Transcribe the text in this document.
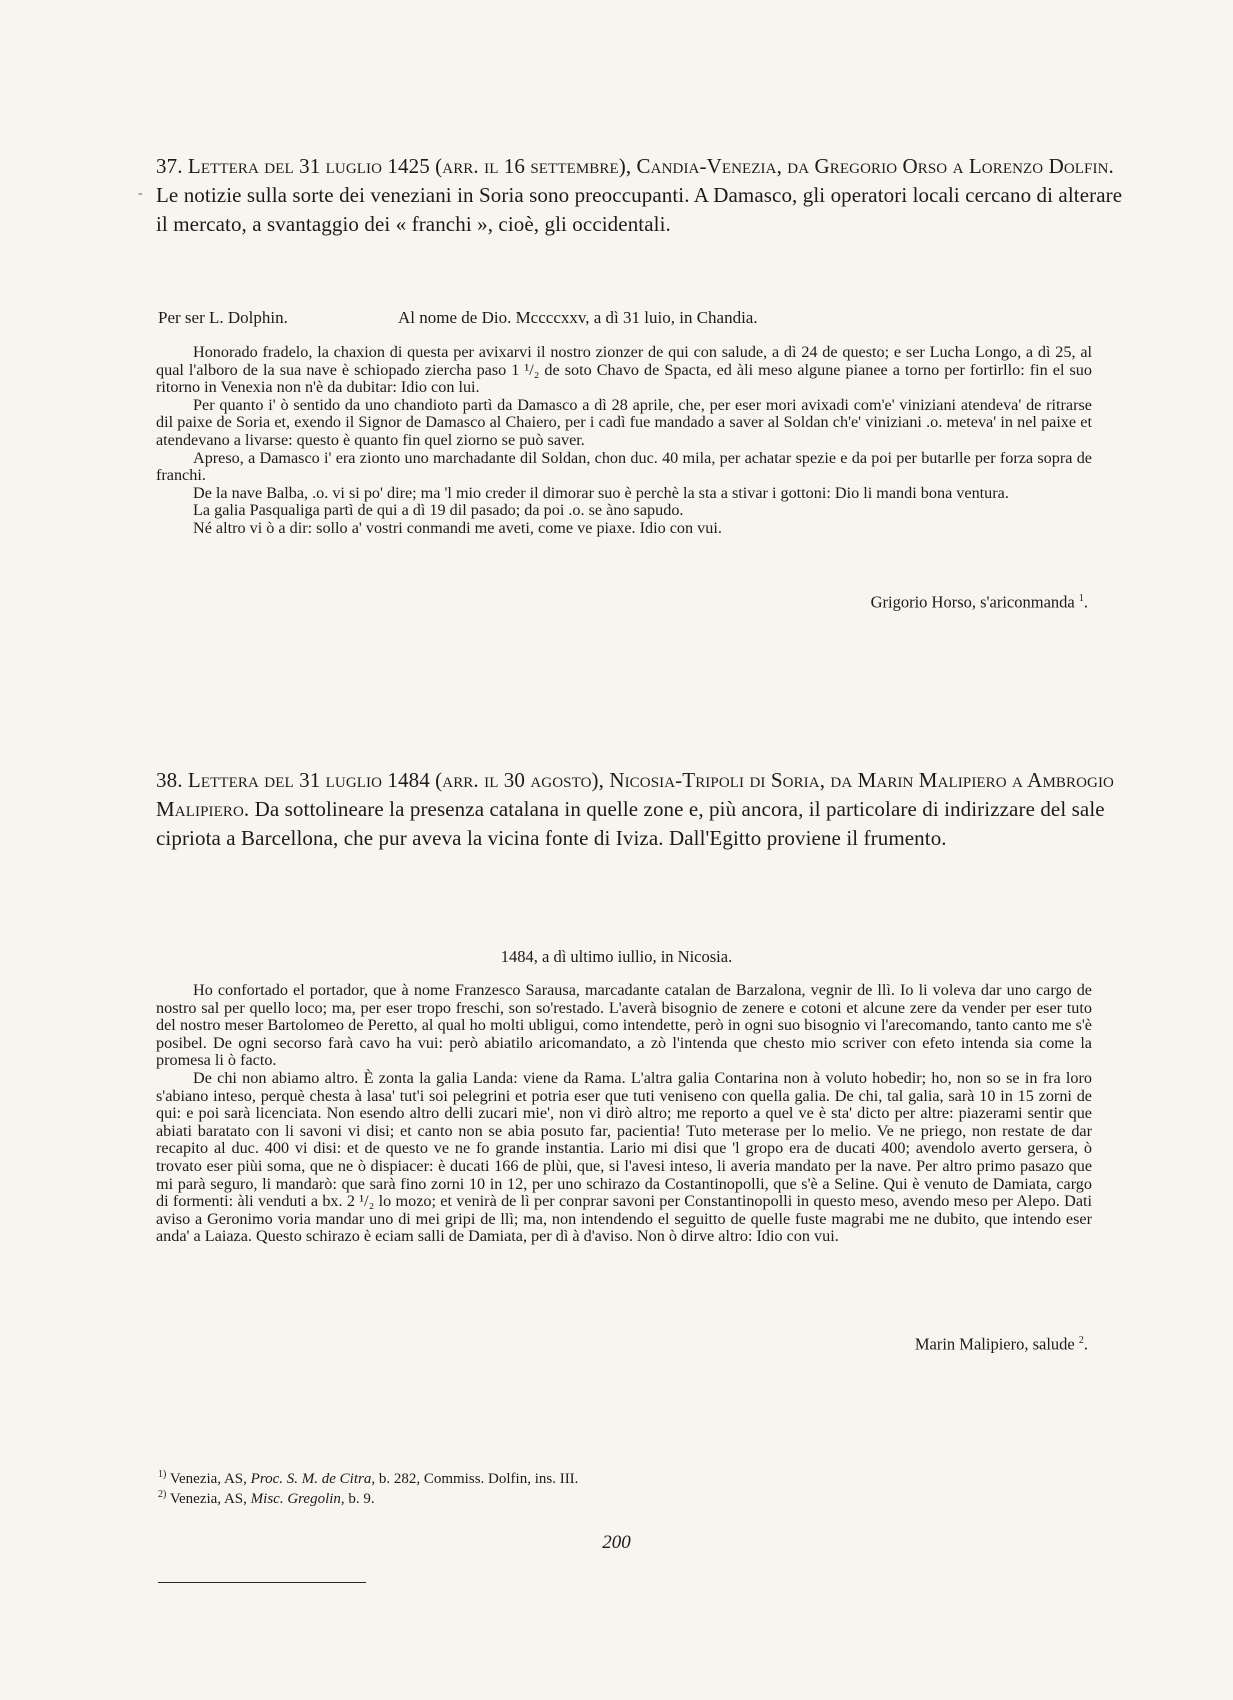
-
37. Lettera del 31 luglio 1425 (arr. il 16 settembre), Candia-Venezia, da Gregorio Orso a Lorenzo Dolfin. Le notizie sulla sorte dei veneziani in Soria sono preoccupanti. A Damasco, gli operatori locali cercano di alterare il mercato, a svantaggio dei « franchi », cioè, gli occidentali.
Per ser L. Dolphin.	Al nome de Dio. Mccccxxv, a dì 31 luio, in Chandia.

Honorado fradelo, la chaxion di questa per avixarvi il nostro zionzer de qui con salude, a dì 24 de questo; e ser Lucha Longo, a dì 25, al qual l'alboro de la sua nave è schiopado ziercha paso 1 ¹/₂ de soto Chavo de Spacta, ed àli meso algune pianee a torno per fortirllo: fin el suo ritorno in Venexia non n'è da dubitar: Idio con lui.

Per quanto i' ò sentido da uno chandioto partì da Damasco a dì 28 aprile, che, per eser mori avixadi com'e' viniziani atendeva' de ritrarse dil paixe de Soria et, exendo il Signor de Damasco al Chaiero, per i cadì fue mandado a saver al Soldan ch'e' viniziani .o. meteva' in nel paixe et atendevano a livarse: questo è quanto fin quel ziorno se può saver.

Apreso, a Damasco i' era zionto uno marchadante dil Soldan, chon duc. 40 mila, per achatar spezie e da poi per butarlle per forza sopra de franchi.

De la nave Balba, .o. vi si po' dire; ma 'l mio creder il dimorar suo è perchè la sta a stivar i gottoni: Dio li mandi bona ventura.

La galia Pasqualiga partì de qui a dì 19 dil pasado; da poi .o. se àno sapudo.

Né altro vi ò a dir: sollo a' vostri conmandi me aveti, come ve piaxe. Idio con vui.

Grigorio Horso, s'ariconmanda $^1$.
38. Lettera del 31 luglio 1484 (arr. il 30 agosto), Nicosia-Tripoli di Soria, da Marin Malipiero a Ambrogio Malipiero. Da sottolineare la presenza catalana in quelle zone e, più ancora, il particolare di indirizzare del sale cipriota a Barcellona, che pur aveva la vicina fonte di Iviza. Dall'Egitto proviene il frumento.
1484, a dì ultimo iullio, in Nicosia.

Ho confortado el portador, que à nome Franzesco Sarausa, marcadante catalan de Barzalona, vegnir de llì. Io li voleva dar uno cargo de nostro sal per quello loco; ma, per eser tropo freschi, son so'restado. L'averà bisognio de zenere e cotoni et alcune zere da vender per eser tuto del nostro meser Bartolomeo de Peretto, al qual ho molti ubligui, como intendette, però in ogni suo bisognio vi l'arecomando, tanto canto me s'è posibel. De ogni secorso farà cavo ha vui: però abiatilo aricomandato, a zò l'intenda que chesto mio scriver con efeto intenda sia come la promesa li ò facto.

De chi non abiamo altro. È zonta la galia Landa: viene da Rama. L'altra galia Contarina non à voluto hobedir; ho, non so se in fra loro s'abiano inteso, perquè chesta à lasa' tut'i soi pelegrini et potria eser que tuti veniseno con quella galia. De chi, tal galia, sarà 10 in 15 zorni de qui: e poi sarà licenciata. Non esendo altro delli zucari mie', non vi dirò altro; me reporto a quel ve è sta' dicto per altre: piazerami sentir que abiati baratato con li savoni vi disi; et canto non se abia posuto far, pacientia! Tuto meterase per lo melio. Ve ne priego, non restate de dar recapito al duc. 400 vi disi: et de questo ve ne fo grande instantia. Lario mi disi que 'l gropo era de ducati 400; avendolo averto gersera, ò trovato eser piùi soma, que ne ò dispiacer: è ducati 166 de plùi, que, si l'avesi inteso, li averia mandato per la nave. Per altro primo pasazo que mi parà seguro, li mandarò: que sarà fino zorni 10 in 12, per uno schirazo da Costantinopolli, que s'è a Seline. Qui è venuto de Damiata, cargo di formenti: àli venduti a bx. 2 ¹/₂ lo mozo; et venirà de lì per conprar savoni per Constantinopolli in questo meso, avendo meso per Alepo. Dati aviso a Geronimo voria mandar uno di mei gripi de llì; ma, non intendendo el seguitto de quelle fuste magrabi me ne dubito, que intendo eser anda' a Laiaza. Questo schirazo è eciam salli de Damiata, per dì à d'aviso. Non ò dirve altro: Idio con vui.

Marin Malipiero, salude $^2$.
$^{1)}$ Venezia, AS, Proc. S. M. de Citra, b. 282, Commiss. Dolfin, ins. III.
$^{2)}$ Venezia, AS, Misc. Gregolin, b. 9.
200
